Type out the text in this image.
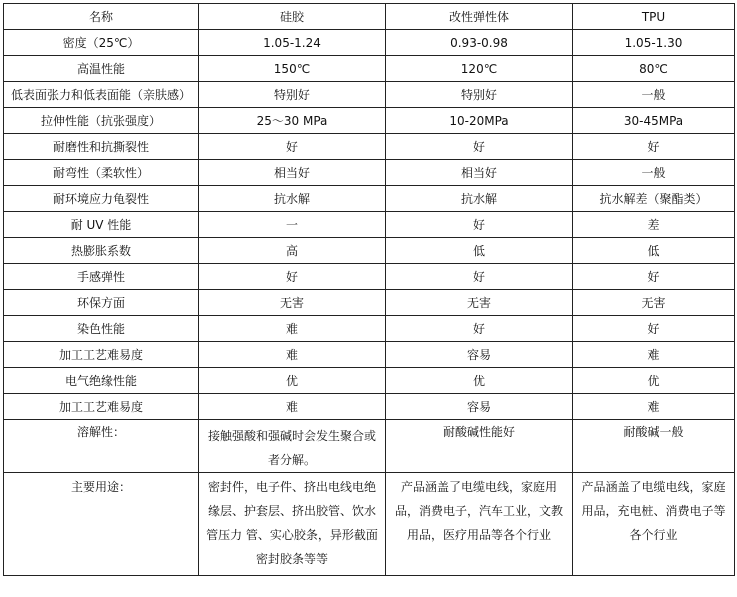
名称	硅胶	改性弹性体	TPU
密度（25℃）	1.05-1.24	0.93-0.98	1.05-1.30
高温性能	150℃	120℃	80℃
低表面张力和低表面能（亲肤感）	特别好	特别好	一般
拉伸性能（抗张强度）	25～30 MPa	10-20MPa	30-45MPa
耐磨性和抗撕裂性	好	好	好
耐弯性（柔软性）	相当好	相当好	一般
耐环境应力龟裂性	抗水解	抗水解	抗水解差（聚酯类）
耐 UV 性能	一	好	差
热膨胀系数	高	低	低
手感弹性	好	好	好
环保方面	无害	无害	无害
染色性能	难	好	好
加工工艺难易度	难	容易	难
电气绝缘性能	优	优	优
加工工艺难易度	难	容易	难
溶解性：	接触强酸和强碱时会发生聚合或者分解。	耐酸碱性能好	耐酸碱一般
主要用途：	密封件，电子件、挤出电线电绝缘层、护套层、挤出胶管、饮水管压力 管、实心胶条，异形截面密封胶条等等	产品涵盖了电缆电线，家庭用品，消费电子，汽车工业，文教用品，医疗用品等各个行业	产品涵盖了电缆电线，家庭用品，充电桩、消费电子等各个行业
